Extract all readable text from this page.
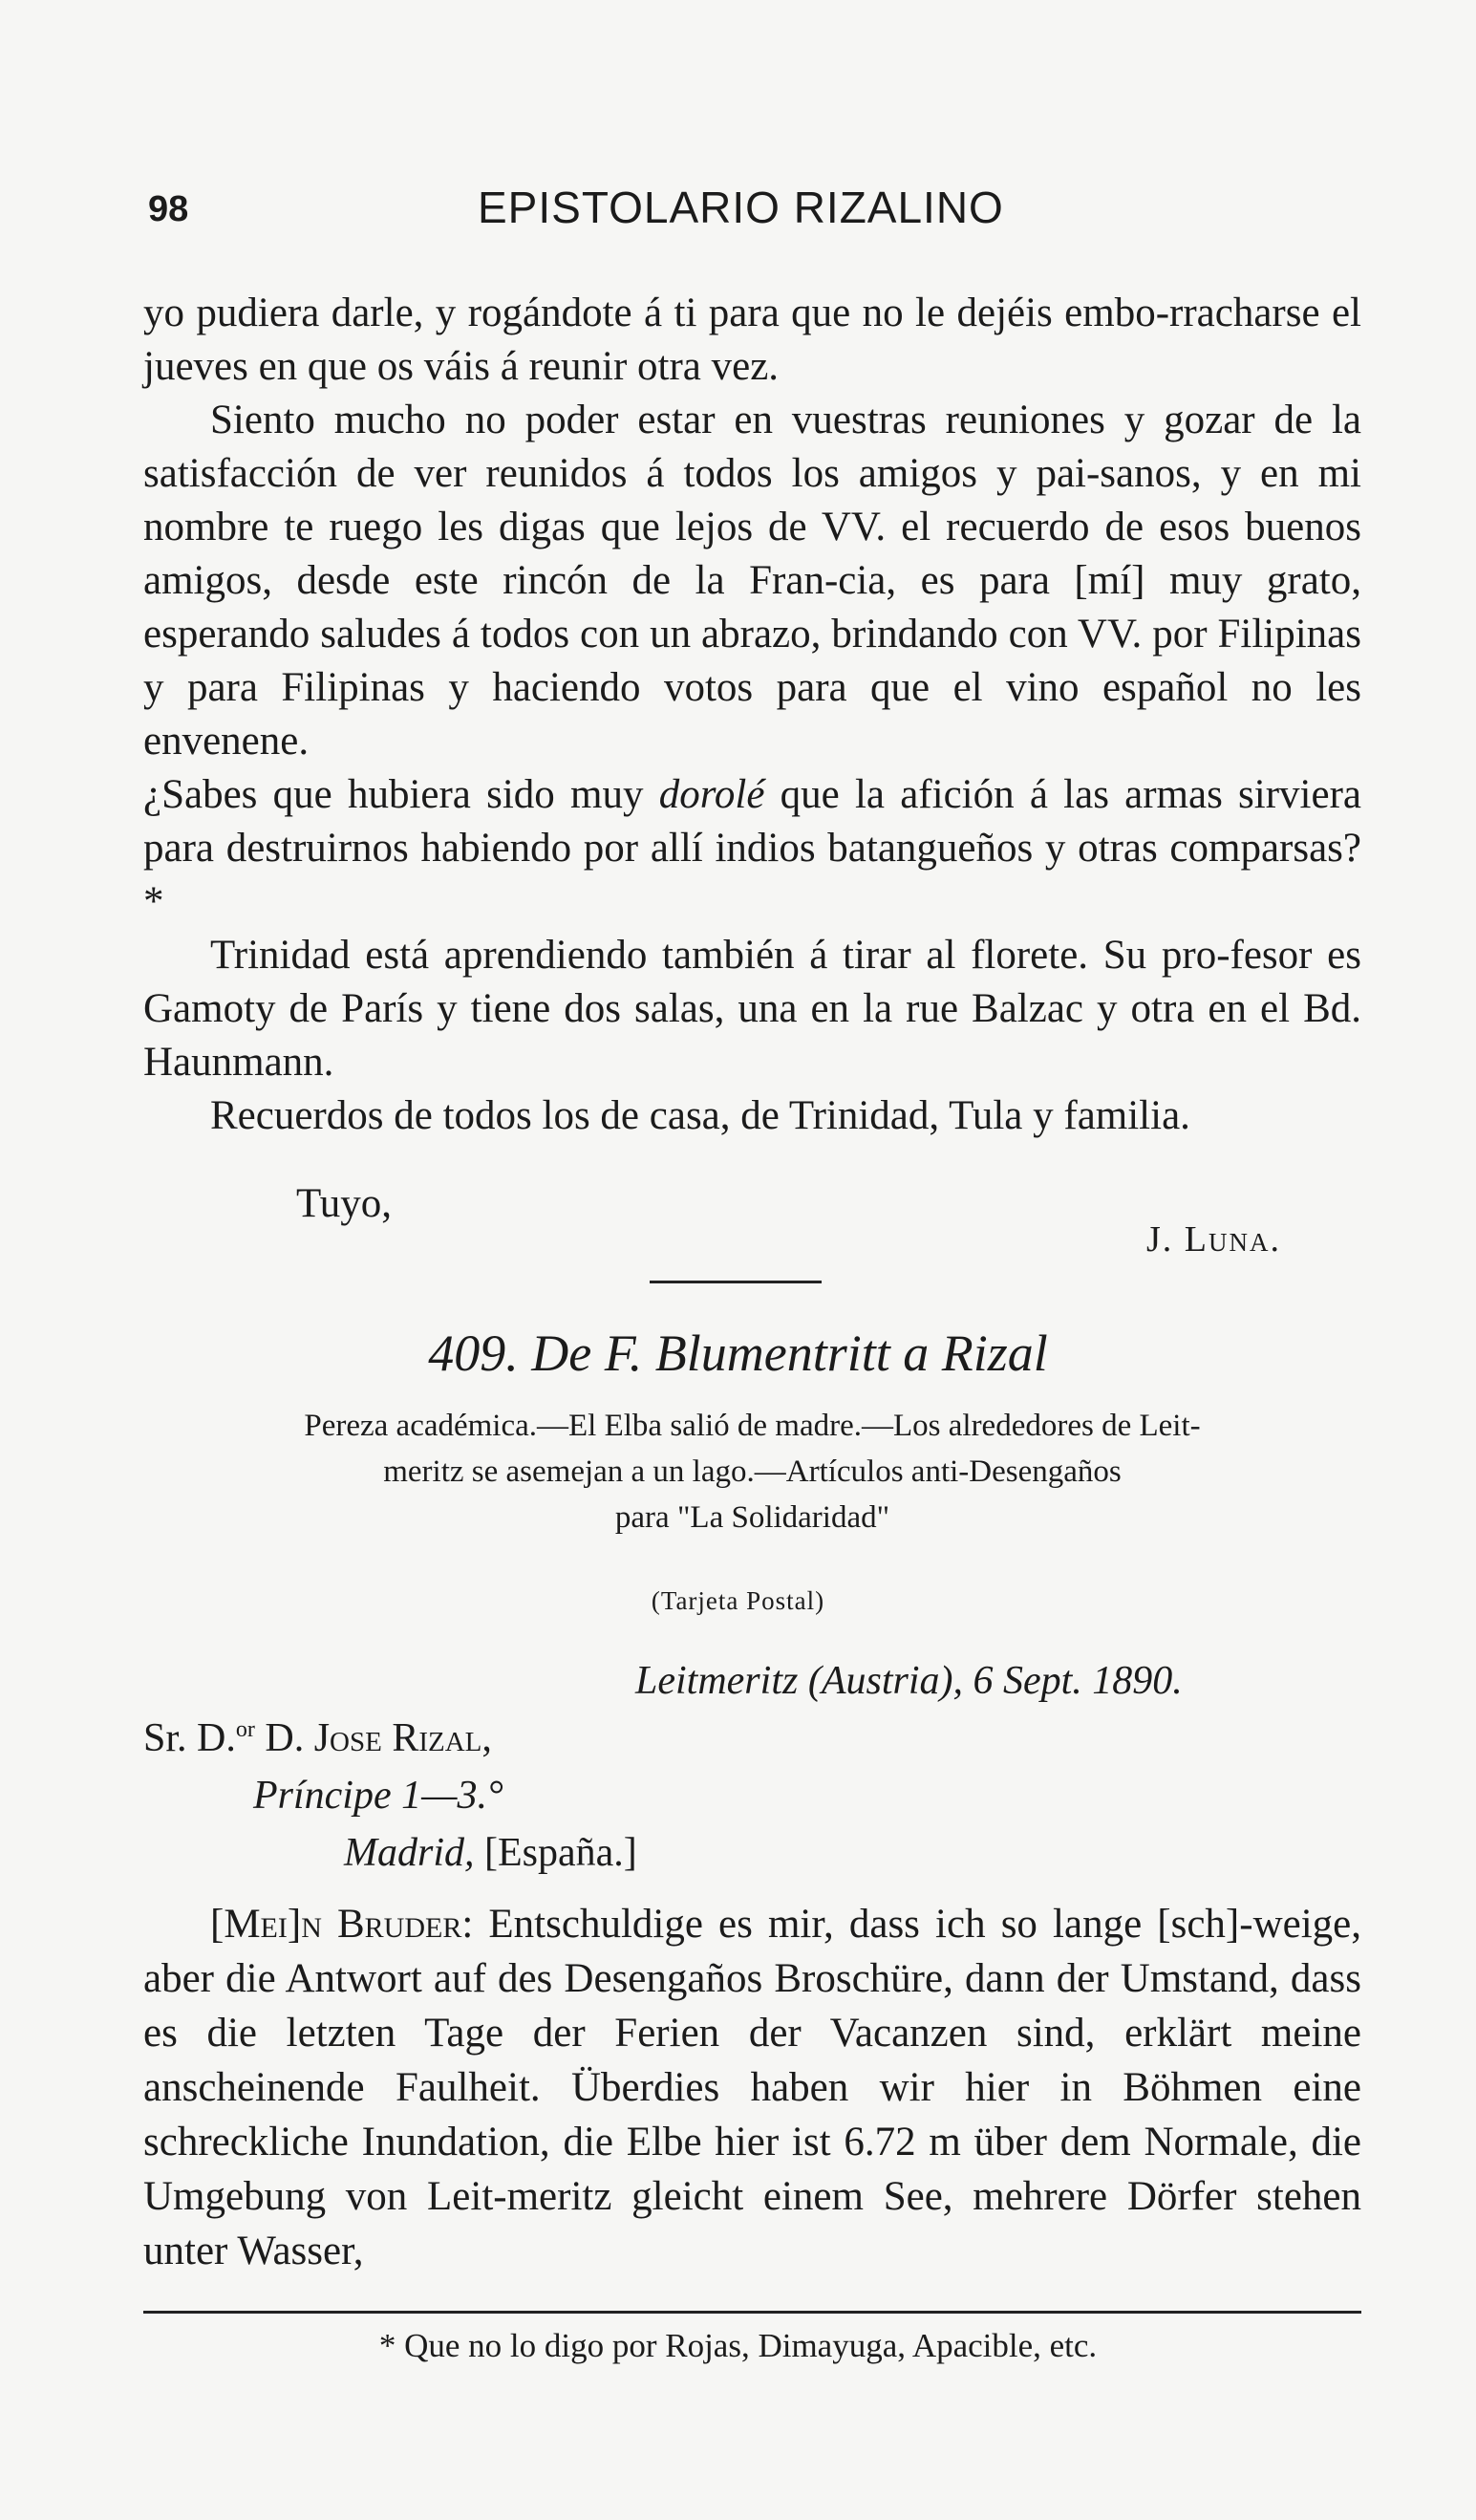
98	EPISTOLARIO RIZALINO

yo pudiera darle, y rogándote á ti para que no le dejéis embo-rracharse el jueves en que os váis á reunir otra vez.

Siento mucho no poder estar en vuestras reuniones y gozar de la satisfacción de ver reunidos á todos los amigos y pai-sanos, y en mi nombre te ruego les digas que lejos de VV. el recuerdo de esos buenos amigos, desde este rincón de la Fran-cia, es para [mí] muy grato, esperando saludes á todos con un abrazo, brindando con VV. por Filipinas y para Filipinas y haciendo votos para que el vino español no les envenene.

¿Sabes que hubiera sido muy dorolé que la afición á las armas sirviera para destruirnos habiendo por allí indios batangueños y otras comparsas?*

Trinidad está aprendiendo también á tirar al florete. Su pro-fesor es Gamoty de París y tiene dos salas, una en la rue Balzac y otra en el Bd. Haunmann.

Recuerdos de todos los de casa, de Trinidad, Tula y familia.

Tuyo,
J. Luna.
409. De F. Blumentritt a Rizal
Pereza académica.—El Elba salió de madre.—Los alrededores de Leit-
meritz se asemejan a un lago.—Artículos anti-Desengaños
para "La Solidaridad"
(Tarjeta Postal)
Leitmeritz (Austria), 6 Sept. 1890.
Sr. D.$^{or}$ D. Jose Rizal,
Príncipe 1—3.°
Madrid, [España.]

[Mei]n Bruder: Entschuldige es mir, dass ich so lange [sch]-weige, aber die Antwort auf des Desengaños Broschüre, dann der Umstand, dass es die letzten Tage der Ferien der Vacanzen sind, erklärt meine anscheinende Faulheit. Überdies haben wir hier in Böhmen eine schreckliche Inundation, die Elbe hier ist 6.72 m über dem Normale, die Umgebung von Leit-meritz gleicht einem See, mehrere Dörfer stehen unter Wasser,

* Que no lo digo por Rojas, Dimayuga, Apacible, etc.
